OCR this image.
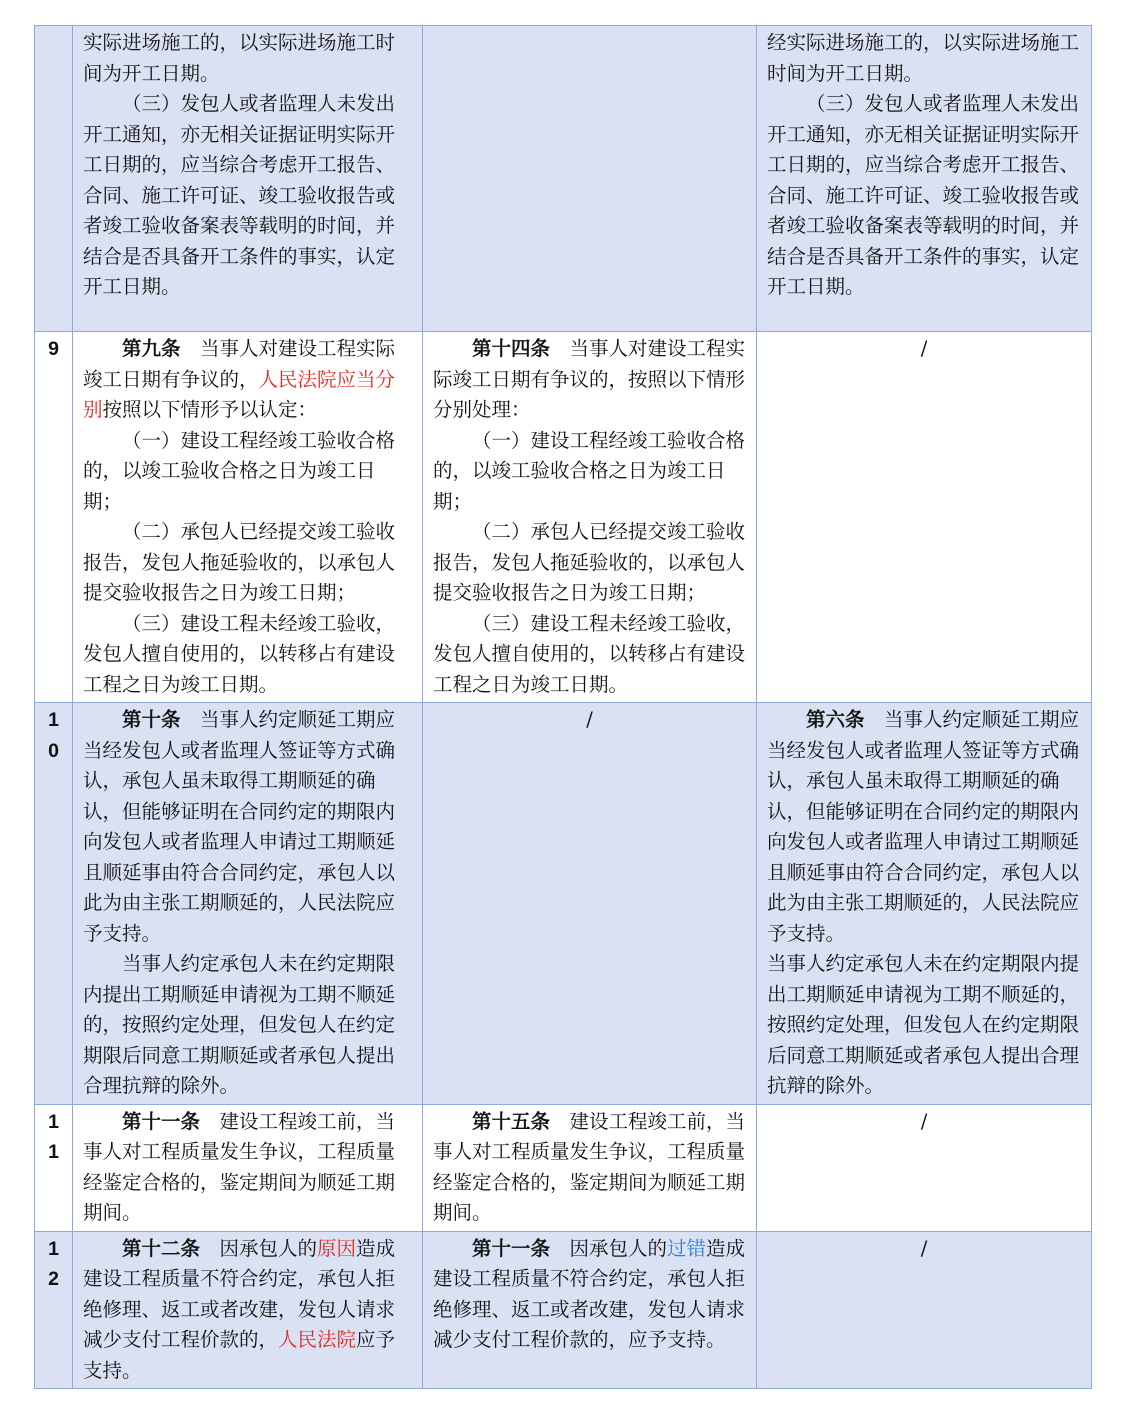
	实际进场施工的，以实际进场施工时间为开工日期。
（三）发包人或者监理人未发出开工通知，亦无相关证据证明实际开工日期的，应当综合考虑开工报告、合同、施工许可证、竣工验收报告或者竣工验收备案表等载明的时间，并结合是否具备开工条件的事实，认定开工日期。		经实际进场施工的，以实际进场施工时间为开工日期。
（三）发包人或者监理人未发出开工通知，亦无相关证据证明实际开工日期的，应当综合考虑开工报告、合同、施工许可证、竣工验收报告或者竣工验收备案表等载明的时间，并结合是否具备开工条件的事实，认定开工日期。

9	第九条  当事人对建设工程实际竣工日期有争议的，人民法院应当分别按照以下情形予以认定：
（一）建设工程经竣工验收合格的，以竣工验收合格之日为竣工日期；
（二）承包人已经提交竣工验收报告，发包人拖延验收的，以承包人提交验收报告之日为竣工日期；
（三）建设工程未经竣工验收，发包人擅自使用的，以转移占有建设工程之日为竣工日期。	第十四条  当事人对建设工程实际竣工日期有争议的，按照以下情形分别处理：
（一）建设工程经竣工验收合格的，以竣工验收合格之日为竣工日期；
（二）承包人已经提交竣工验收报告，发包人拖延验收的，以承包人提交验收报告之日为竣工日期；
（三）建设工程未经竣工验收，发包人擅自使用的，以转移占有建设工程之日为竣工日期。	/
10	第十条  当事人约定顺延工期应当经发包人或者监理人签证等方式确认，承包人虽未取得工期顺延的确认，但能够证明在合同约定的期限内向发包人或者监理人申请过工期顺延且顺延事由符合合同约定，承包人以此为由主张工期顺延的，人民法院应予支持。
当事人约定承包人未在约定期限内提出工期顺延申请视为工期不顺延的，按照约定处理，但发包人在约定期限后同意工期顺延或者承包人提出合理抗辩的除外。	/	第六条  当事人约定顺延工期应当经发包人或者监理人签证等方式确认，承包人虽未取得工期顺延的确认，但能够证明在合同约定的期限内向发包人或者监理人申请过工期顺延且顺延事由符合合同约定，承包人以此为由主张工期顺延的，人民法院应予支持。
当事人约定承包人未在约定期限内提出工期顺延申请视为工期不顺延的，按照约定处理，但发包人在约定期限后同意工期顺延或者承包人提出合理抗辩的除外。

11	第十一条  建设工程竣工前，当事人对工程质量发生争议，工程质量经鉴定合格的，鉴定期间为顺延工期期间。	第十五条  建设工程竣工前，当事人对工程质量发生争议，工程质量经鉴定合格的，鉴定期间为顺延工期期间。	/
12	第十二条  因承包人的原因造成建设工程质量不符合约定，承包人拒绝修理、返工或者改建，发包人请求减少支付工程价款的，人民法院应予支持。	第十一条  因承包人的过错造成建设工程质量不符合约定，承包人拒绝修理、返工或者改建，发包人请求减少支付工程价款的，应予支持。	/
